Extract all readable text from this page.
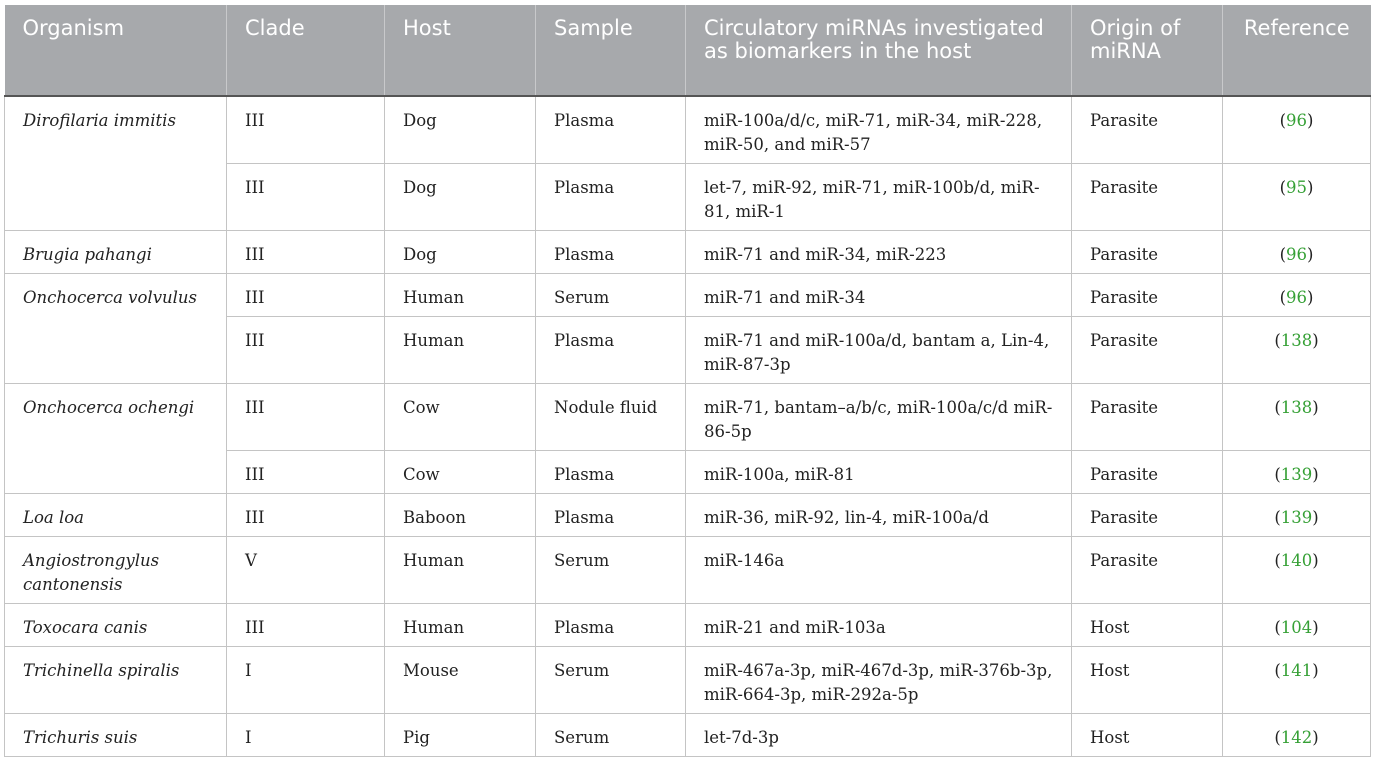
Organism	Clade	Host	Sample	Circulatory miRNAs investigated as biomarkers in the host	Origin of miRNA	Reference
Dirofilaria immitis	III	Dog	Plasma	miR-100a/d/c, miR-71, miR-34, miR-228, miR-50, and miR-57	Parasite	(96)
	III	Dog	Plasma	let-7, miR-92, miR-71, miR-100b/d, miR-81, miR-1	Parasite	(95)
Brugia pahangi	III	Dog	Plasma	miR-71 and miR-34, miR-223	Parasite	(96)
Onchocerca volvulus	III	Human	Serum	miR-71 and miR-34	Parasite	(96)
	III	Human	Plasma	miR-71 and miR-100a/d, bantam a, Lin-4, miR-87-3p	Parasite	(138)
Onchocerca ochengi	III	Cow	Nodule fluid	miR-71, bantam–a/b/c, miR-100a/c/d miR-86-5p	Parasite	(138)
	III	Cow	Plasma	miR-100a, miR-81	Parasite	(139)
Loa loa	III	Baboon	Plasma	miR-36, miR-92, lin-4, miR-100a/d	Parasite	(139)
Angiostrongylus cantonensis	V	Human	Serum	miR-146a	Parasite	(140)
Toxocara canis	III	Human	Plasma	miR-21 and miR-103a	Host	(104)
Trichinella spiralis	I	Mouse	Serum	miR-467a-3p, miR-467d-3p, miR-376b-3p, miR-664-3p, miR-292a-5p	Host	(141)
Trichuris suis	I	Pig	Serum	let-7d-3p	Host	(142)
